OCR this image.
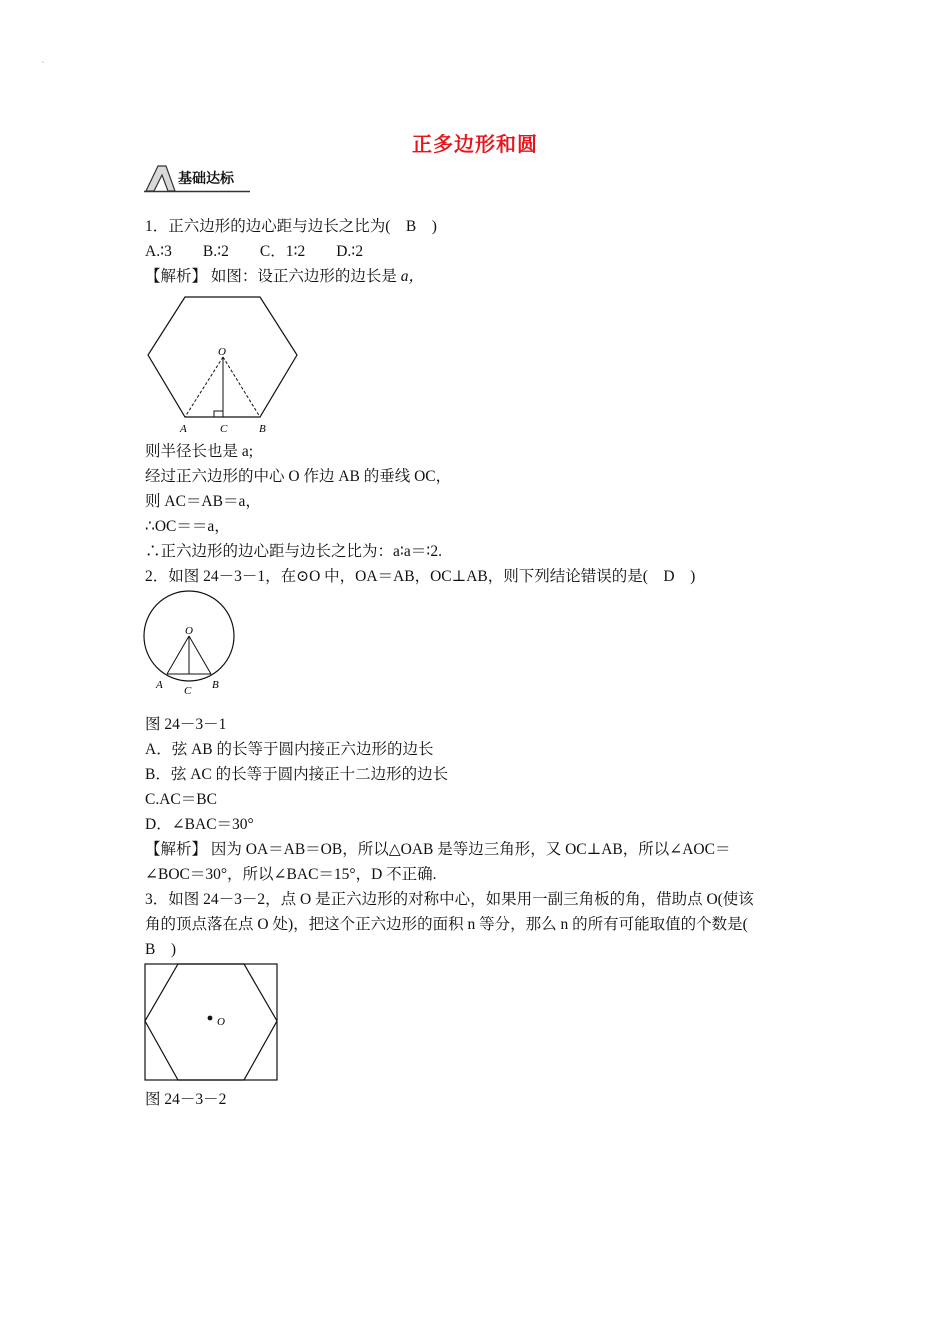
正多边形和圆
A
基础达标
1．正六边形的边心距与边长之比为(　B　)
A.∶3　　B.∶2　　C．1∶2　　D.∶2
【解析】 如图：设正六边形的边长是 a，
O
A	C	B
则半径长也是 a;
经过正六边形的中心 O 作边 AB 的垂线 OC，
则 AC＝AB＝a，
∴OC＝＝a，
∴正六边形的边心距与边长之比为：a∶a＝∶2.
2．如图 24－3－1，在⊙O 中，OA＝AB，OC⊥AB，则下列结论错误的是(　D　)
O
A C B
图 24－3－1
A．弦 AB 的长等于圆内接正六边形的边长
B．弦 AC 的长等于圆内接正十二边形的边长
C.AC＝BC
D．∠BAC＝30°
【解析】 因为 OA＝AB＝OB，所以△OAB 是等边三角形，又 OC⊥AB，所以∠AOC＝
∠BOC＝30°，所以∠BAC＝15°，D 不正确.
3．如图 24－3－2，点 O 是正六边形的对称中心，如果用一副三角板的角，借助点 O(使该
角的顶点落在点 O 处)，把这个正六边形的面积 n 等分，那么 n 的所有可能取值的个数是(
B　)
O
图 24－3－2
